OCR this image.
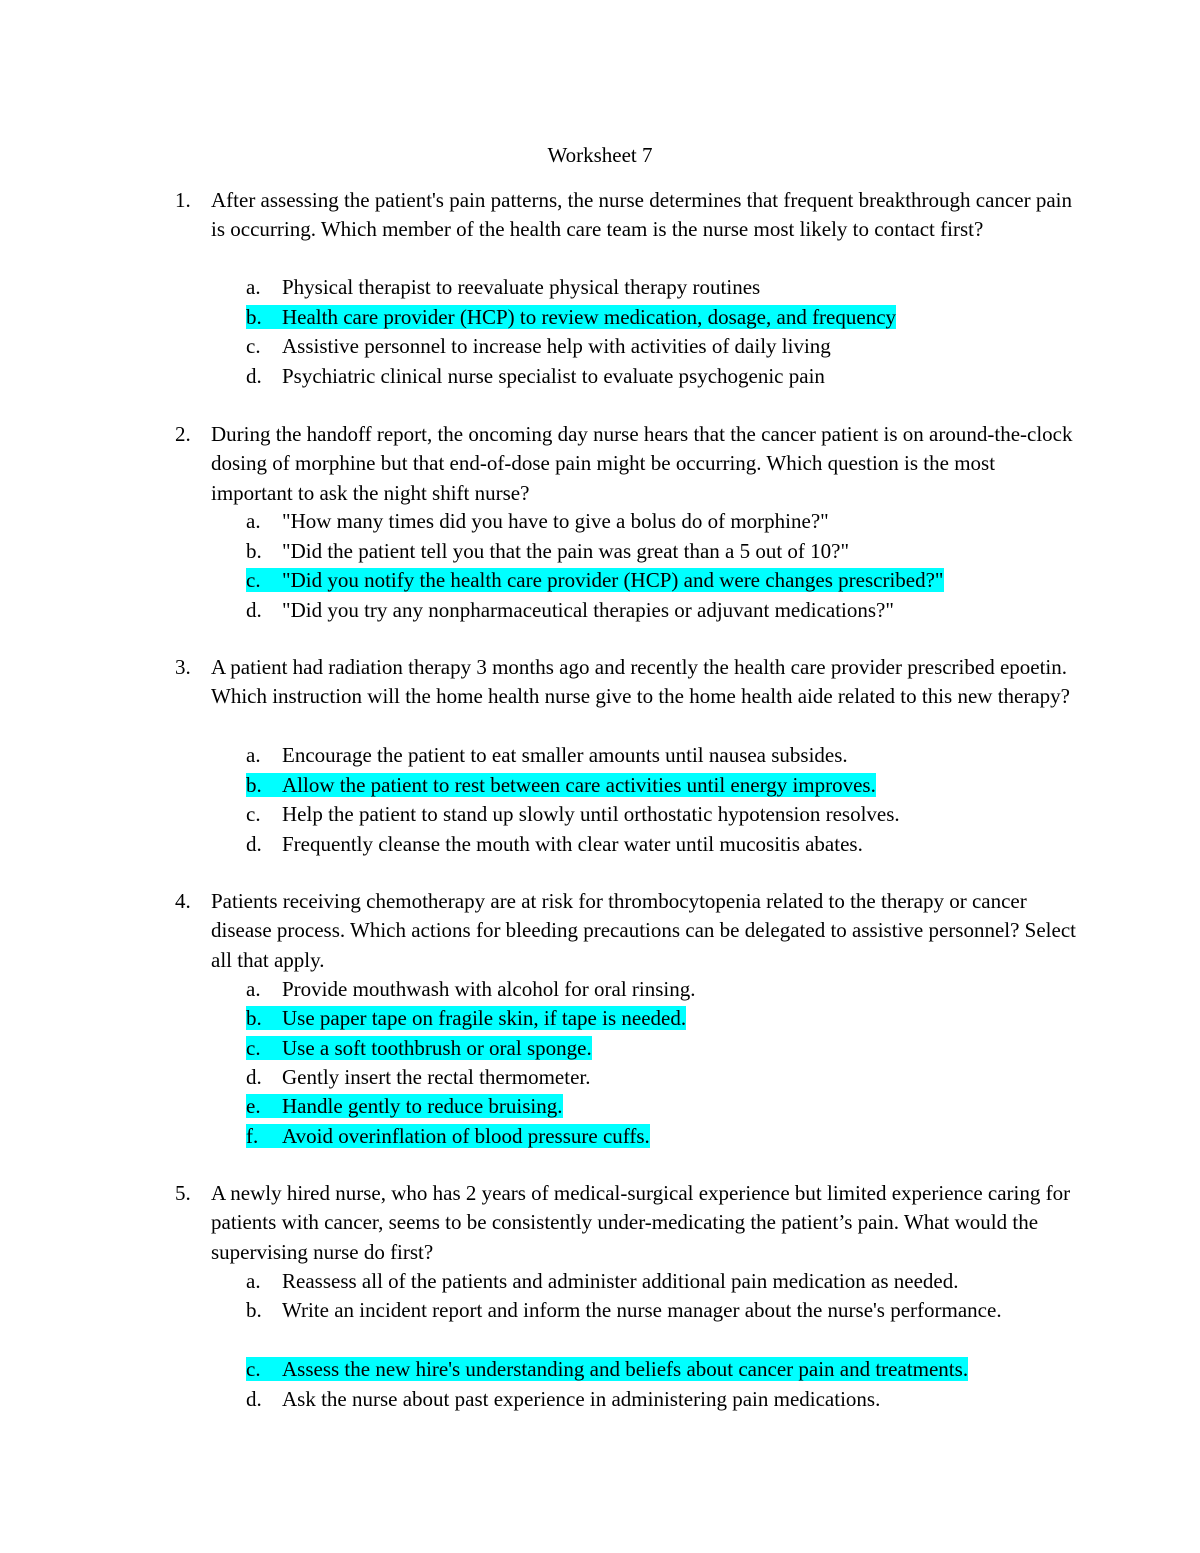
Worksheet 7
1. After assessing the patient's pain patterns, the nurse determines that frequent breakthrough cancer pain is occurring. Which member of the health care team is the nurse most likely to contact first?
a. Physical therapist to reevaluate physical therapy routines
b. Health care provider (HCP) to review medication, dosage, and frequency
c. Assistive personnel to increase help with activities of daily living
d. Psychiatric clinical nurse specialist to evaluate psychogenic pain
2. During the handoff report, the oncoming day nurse hears that the cancer patient is on around-the-clock dosing of morphine but that end-of-dose pain might be occurring. Which question is the most important to ask the night shift nurse?
a. "How many times did you have to give a bolus do of morphine?"
b. "Did the patient tell you that the pain was great than a 5 out of 10?"
c. "Did you notify the health care provider (HCP) and were changes prescribed?"
d. "Did you try any nonpharmaceutical therapies or adjuvant medications?"
3. A patient had radiation therapy 3 months ago and recently the health care provider prescribed epoetin. Which instruction will the home health nurse give to the home health aide related to this new therapy?
a. Encourage the patient to eat smaller amounts until nausea subsides.
b. Allow the patient to rest between care activities until energy improves.
c. Help the patient to stand up slowly until orthostatic hypotension resolves.
d. Frequently cleanse the mouth with clear water until mucositis abates.
4. Patients receiving chemotherapy are at risk for thrombocytopenia related to the therapy or cancer disease process. Which actions for bleeding precautions can be delegated to assistive personnel? Select all that apply.
a. Provide mouthwash with alcohol for oral rinsing.
b. Use paper tape on fragile skin, if tape is needed.
c. Use a soft toothbrush or oral sponge.
d. Gently insert the rectal thermometer.
e. Handle gently to reduce bruising.
f. Avoid overinflation of blood pressure cuffs.
5. A newly hired nurse, who has 2 years of medical-surgical experience but limited experience caring for patients with cancer, seems to be consistently under-medicating the patient’s pain. What would the supervising nurse do first?
a. Reassess all of the patients and administer additional pain medication as needed.
b. Write an incident report and inform the nurse manager about the nurse's performance.
c. Assess the new hire's understanding and beliefs about cancer pain and treatments.
d. Ask the nurse about past experience in administering pain medications.
